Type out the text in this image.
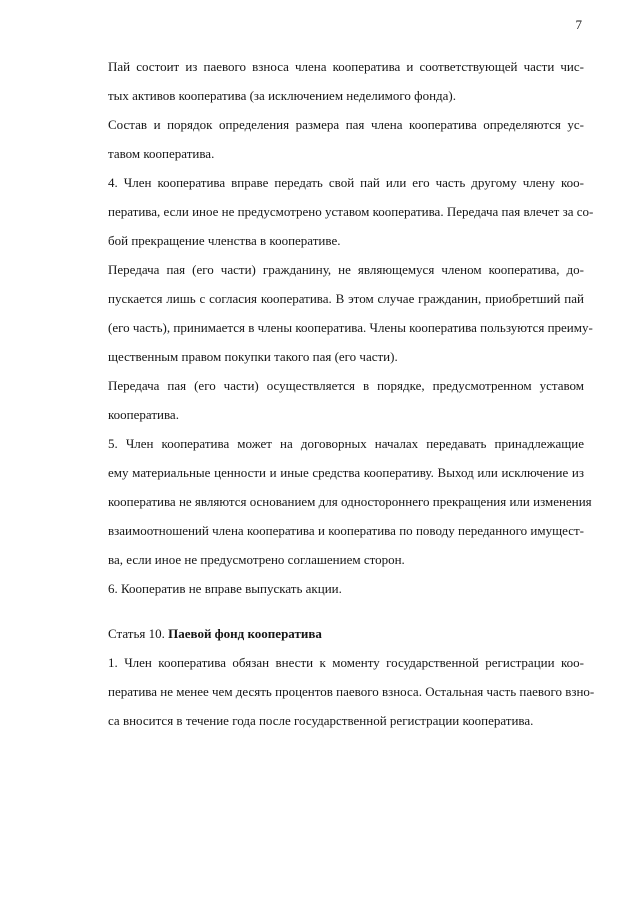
7
Пай состоит из паевого взноса члена кооператива и соответствующей части чис-
тых активов кооператива (за исключением неделимого фонда).
Состав и порядок определения размера пая члена кооператива определяются ус-
тавом кооператива.
4. Член кооператива вправе передать свой пай или его часть другому члену коо-
ператива, если иное не предусмотрено уставом кооператива. Передача пая влечет за со-
бой прекращение членства в кооперативе.
Передача пая (его части) гражданину, не являющемуся членом кооператива, до-
пускается лишь с согласия кооператива. В этом случае гражданин, приобретший пай
(его часть), принимается в члены кооператива. Члены кооператива пользуются преиму-
щественным правом покупки такого пая (его части).
Передача пая (его части) осуществляется в порядке, предусмотренном уставом
кооператива.
5. Член кооператива может на договорных началах передавать принадлежащие
ему материальные ценности и иные средства кооперативу. Выход или исключение из
кооператива не являются основанием для одностороннего прекращения или изменения
взаимоотношений члена кооператива и кооператива по поводу переданного имущест-
ва, если иное не предусмотрено соглашением сторон.
6. Кооператив не вправе выпускать акции.
Статья 10. Паевой фонд кооператива
1. Член кооператива обязан внести к моменту государственной регистрации коо-
ператива не менее чем десять процентов паевого взноса. Остальная часть паевого взно-
са вносится в течение года после государственной регистрации кооператива.
